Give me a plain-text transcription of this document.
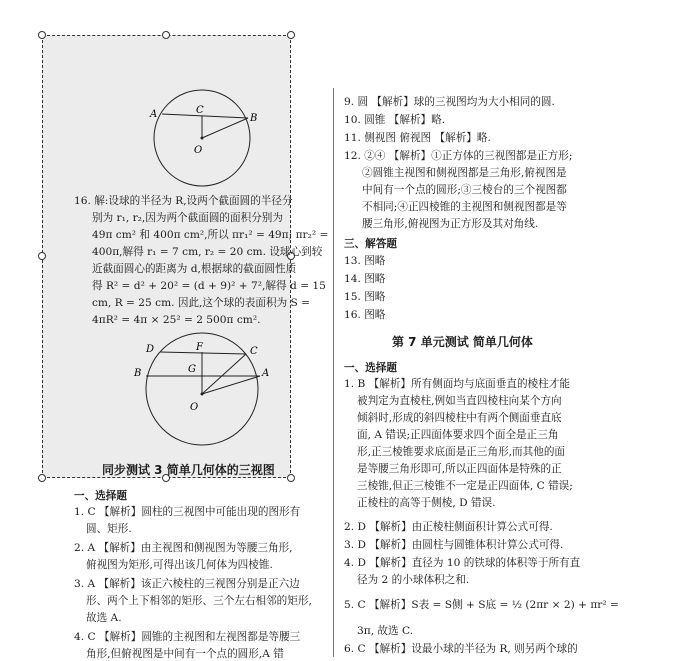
A	C
B
O
16. 解:设球的半径为 R,设两个截面圆的半径分
别为 r₁, r₂,因为两个截面圆的面积分别为
49π cm² 和 400π cm²,所以 πr₁² = 49π; πr₂² =
400π,解得 r₁ = 7 cm, r₂ = 20 cm. 设球心到较
近截面圆心的距离为 d,根据球的截面圆性质
得 R² = d² + 20² = (d + 9)² + 7²,解得 d = 15
cm, R = 25 cm. 因此,这个球的表面积为 S =
4πR² = 4π × 25² = 2 500π cm².
D	F	C
B	G	A
O
同步测试 3 简单几何体的三视图
一、选择题
1. C 【解析】圆柱的三视图中可能出现的图形有
圆、矩形.
2. A 【解析】由主视图和侧视图为等腰三角形,
俯视图为矩形,可得出该几何体为四棱锥.
3. A 【解析】该正六棱柱的三视图分别是正六边
形、两个上下相邻的矩形、三个左右相邻的矩形,
故选 A.
4. C 【解析】圆锥的主视图和左视图都是等腰三
角形,但俯视图是中间有一个点的圆形,A 错
9. 圆 【解析】球的三视图均为大小相同的圆.
10. 圆锥 【解析】略.
11. 侧视图 俯视图 【解析】略.
12. ②④ 【解析】①正方体的三视图都是正方形;
②圆锥主视图和侧视图都是三角形,俯视图是
中间有一个点的圆形;③三棱台的三个视图都
不相同;④正四棱锥的主视图和侧视图都是等
腰三角形,俯视图为正方形及其对角线.
三、解答题
13. 图略
14. 图略
15. 图略
16. 图略
第 7 单元测试 简单几何体
一、选择题
1. B 【解析】所有侧面均与底面垂直的棱柱才能
被判定为直棱柱,例如当直四棱柱向某个方向
倾斜时,形成的斜四棱柱中有两个侧面垂直底
面, A 错误;正四面体要求四个面全是正三角
形,正三棱锥要求底面是正三角形,而其他的面
是等腰三角形即可,所以正四面体是特殊的正
三棱锥,但正三棱锥不一定是正四面体, C 错误;
正棱柱的高等于侧棱, D 错误.
2. D 【解析】由正棱柱侧面积计算公式可得.
3. D 【解析】由圆柱与圆锥体积计算公式可得.
4. D 【解析】直径为 10 的铁球的体积等于所有直
径为 2 的小球体积之和.
5. C 【解析】S表 = S侧 + S底 = ½ (2πr × 2) + πr² =
3π, 故选 C.
6. C 【解析】设最小球的半径为 R, 则另两个球的
